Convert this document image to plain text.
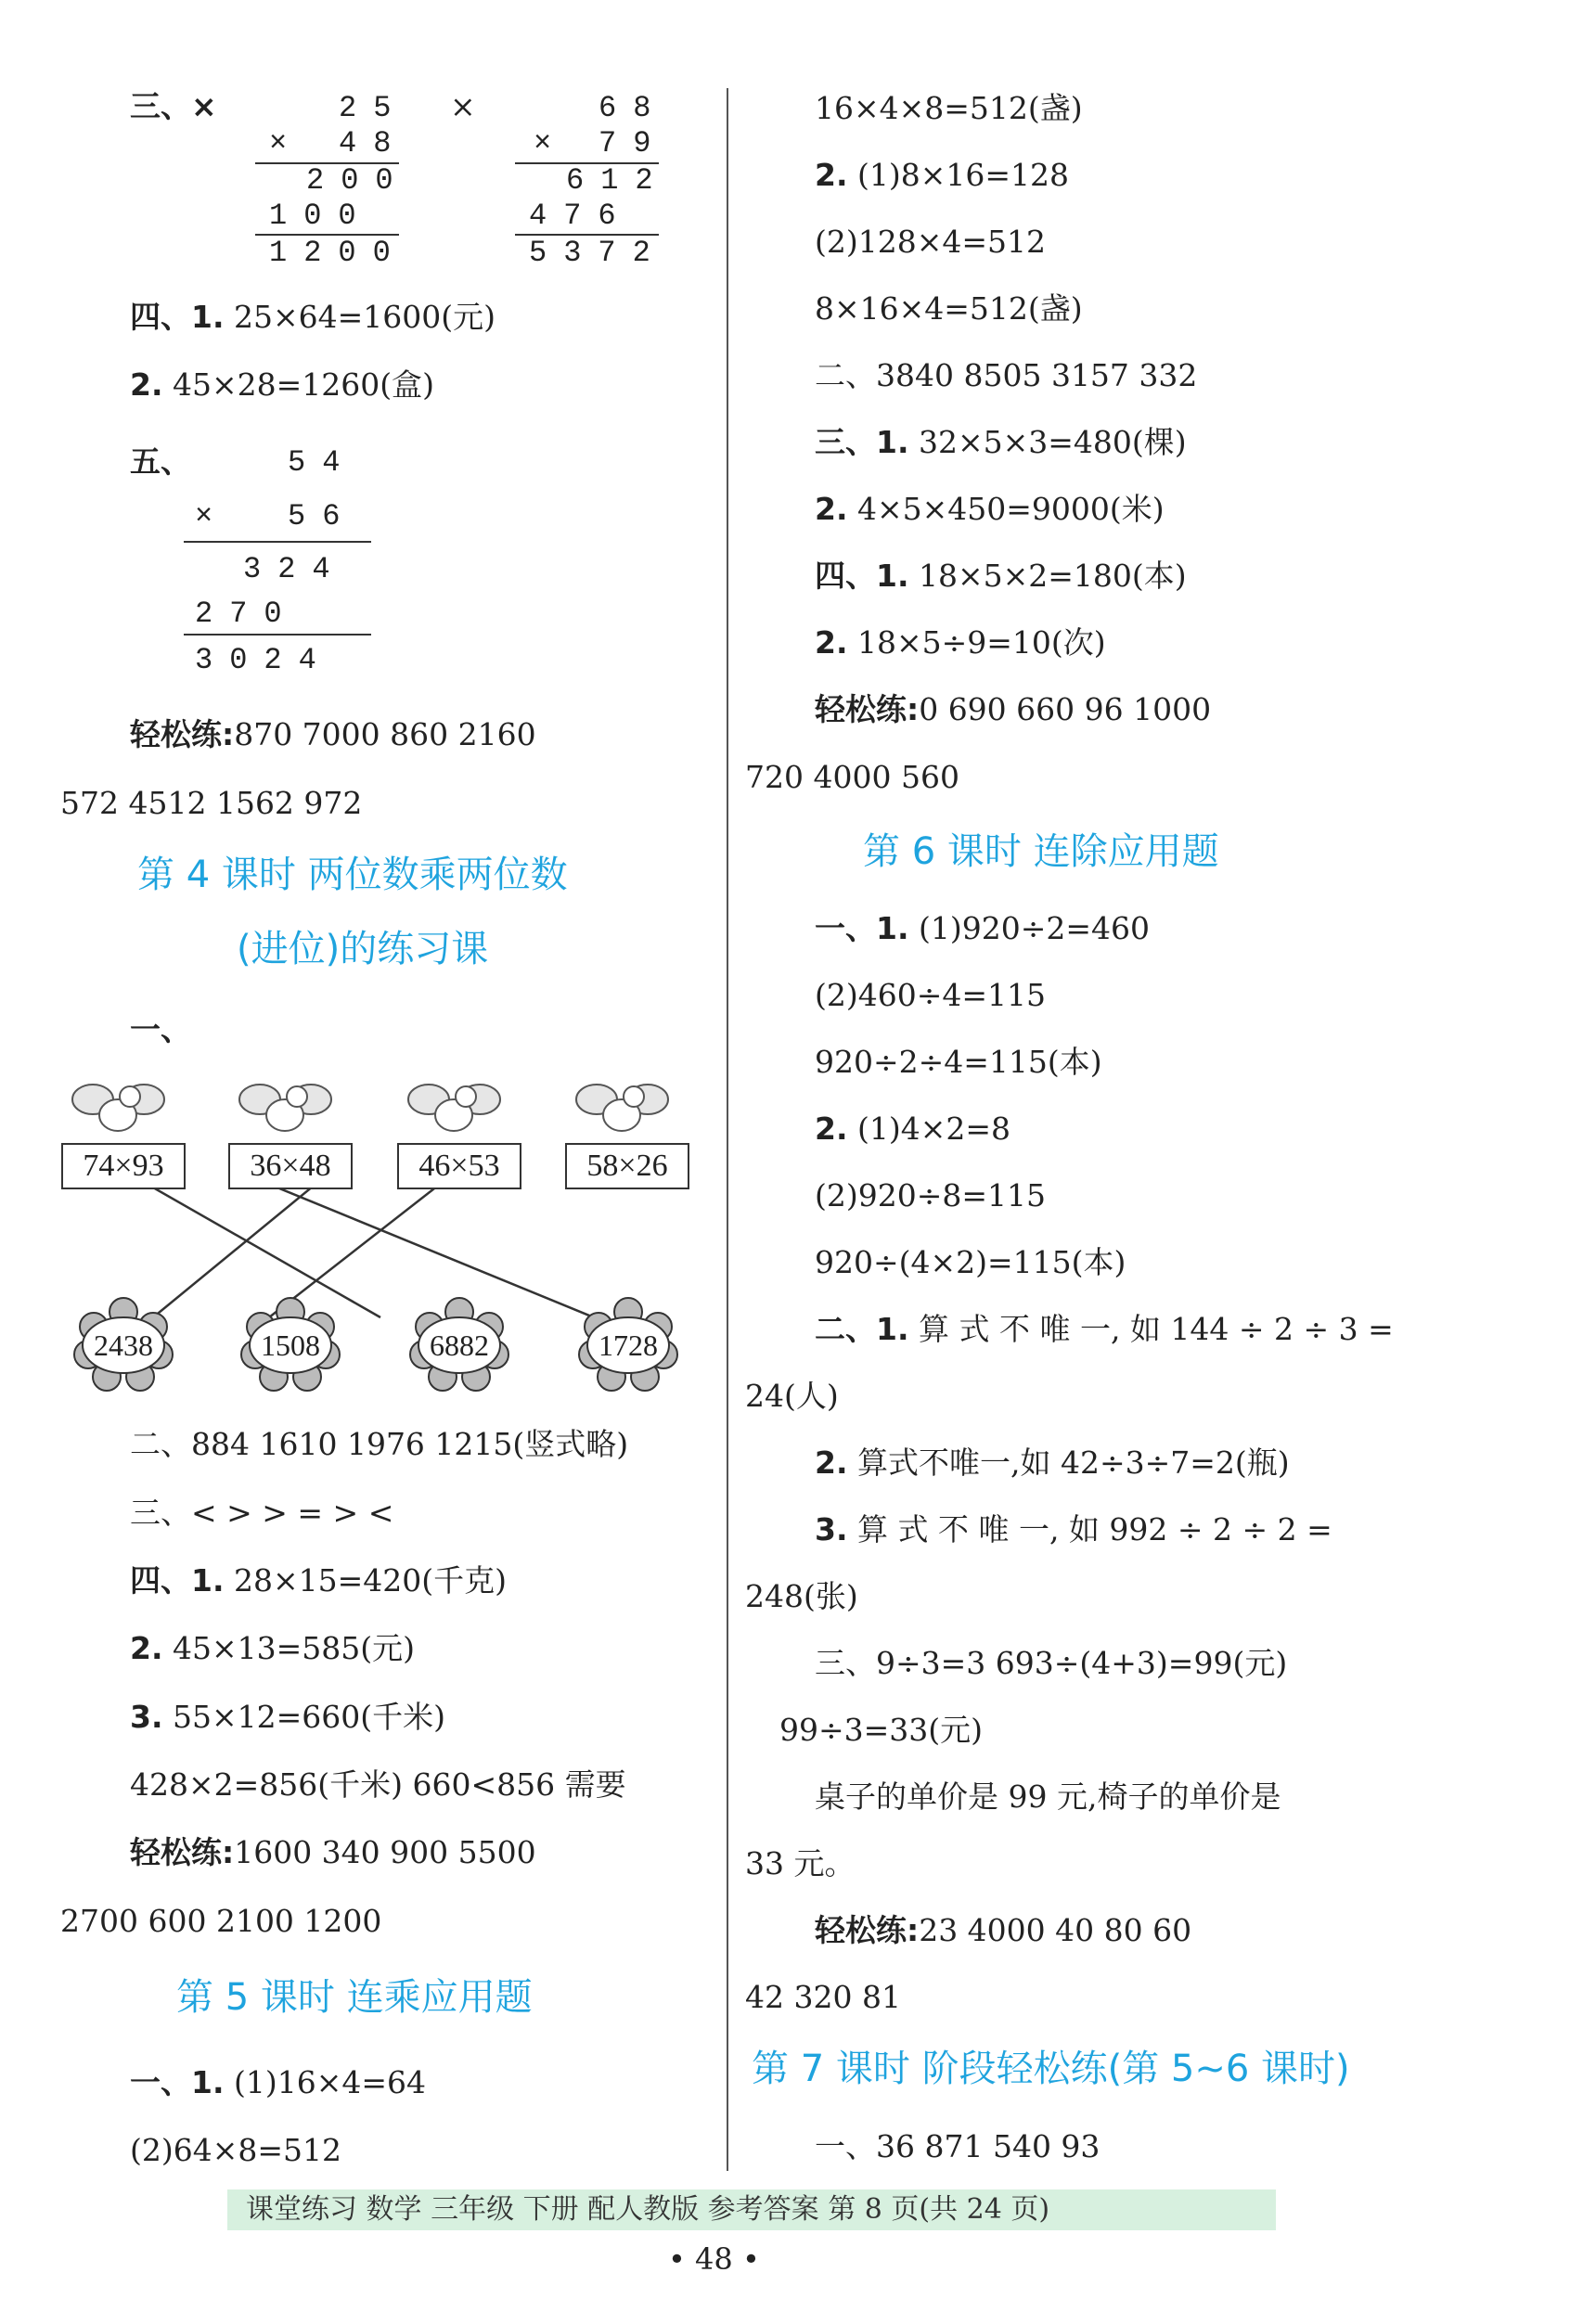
三、×	25
× 48
200
100
1200
×	68
× 79
612
476
5372
四、1. 25×64=1600(元)
2. 45×28=1260(盒)
五、	54
× 56
324
270
3024
轻松练:870 7000 860 2160
572 4512 1562 972
第 4 课时 两位数乘两位数
(进位)的练习课
一、
74×93	36×48	46×53	58×26
2438	1508	6882	1728
二、884 1610 1976 1215(竖式略)
三、< > > = > <
四、1. 28×15=420(千克)
2. 45×13=585(元)
3. 55×12=660(千米)
428×2=856(千米) 660<856 需要
轻松练:1600 340 900 5500
2700 600 2100 1200
第 5 课时 连乘应用题
一、1. (1)16×4=64
(2)64×8=512
16×4×8=512(盏)
2. (1)8×16=128
(2)128×4=512
8×16×4=512(盏)
二、3840 8505 3157 332
三、1. 32×5×3=480(棵)
2. 4×5×450=9000(米)
四、1. 18×5×2=180(本)
2. 18×5÷9=10(次)
轻松练:0 690 660 96 1000
720 4000 560
第 6 课时 连除应用题
一、1. (1)920÷2=460
(2)460÷4=115
920÷2÷4=115(本)
2. (1)4×2=8
(2)920÷8=115
920÷(4×2)=115(本)
二、1. 算 式 不 唯 一, 如 144 ÷ 2 ÷ 3 =
24(人)
2. 算式不唯一,如 42÷3÷7=2(瓶)
3. 算 式 不 唯 一, 如 992 ÷ 2 ÷ 2 =
248(张)
三、9÷3=3 693÷(4+3)=99(元)
99÷3=33(元)
桌子的单价是 99 元,椅子的单价是
33 元。
轻松练:23 4000 40 80 60
42 320 81
第 7 课时 阶段轻松练(第 5~6 课时)
一、36 871 540 93
课堂练习 数学 三年级 下册 配人教版 参考答案 第 8 页(共 24 页)
• 48 •
